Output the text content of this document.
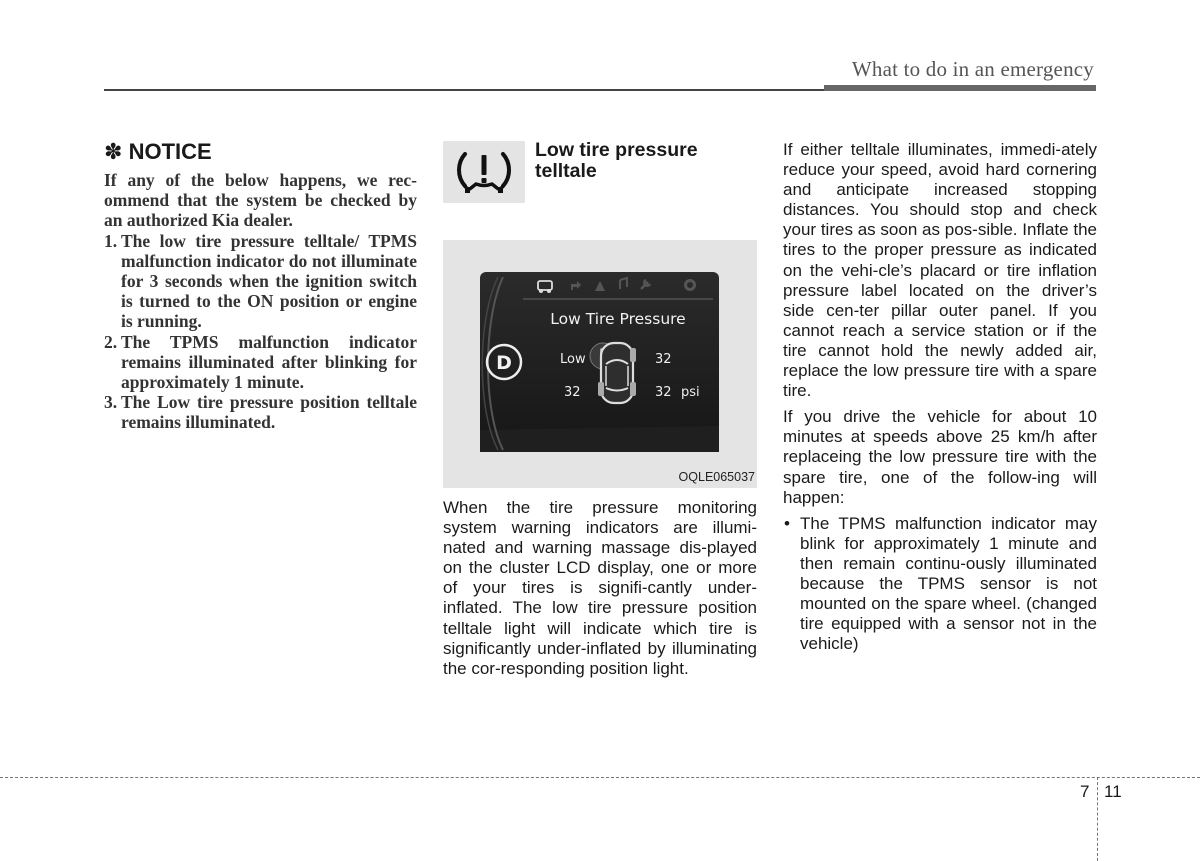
What to do in an emergency
✽ NOTICE

If any of the below happens, we rec-ommend that the system be checked by an authorized Kia dealer.

1. The low tire pressure telltale/ TPMS malfunction indicator do not illuminate for 3 seconds when the ignition switch is turned to the ON position or engine is running.
2. The TPMS malfunction indicator remains illuminated after blinking for approximately 1 minute.
3. The Low tire pressure position telltale remains illuminated.
Low tire pressure telltale
Low Tire Pressure
D	Low	32
32	32 psi
OQLE065037

When the tire pressure monitoring system warning indicators are illumi-nated and warning massage dis-played on the cluster LCD display, one or more of your tires is signifi-cantly under-inflated. The low tire pressure position telltale light will indicate which tire is significantly under-inflated by illuminating the cor-responding position light.

If either telltale illuminates, immedi-ately reduce your speed, avoid hard cornering and anticipate increased stopping distances. You should stop and check your tires as soon as pos-sible. Inflate the tires to the proper pressure as indicated on the vehi-cle’s placard or tire inflation pressure label located on the driver’s side cen-ter pillar outer panel. If you cannot reach a service station or if the tire cannot hold the newly added air, replace the low pressure tire with a spare tire.

If you drive the vehicle for about 10 minutes at speeds above 25 km/h after replaceing the low pressure tire with the spare tire, one of the follow-ing will happen:

• The TPMS malfunction indicator may blink for approximately 1 minute and then remain continu-ously illuminated because the TPMS sensor is not mounted on the spare wheel. (changed tire equipped with a sensor not in the vehicle)
7 11
